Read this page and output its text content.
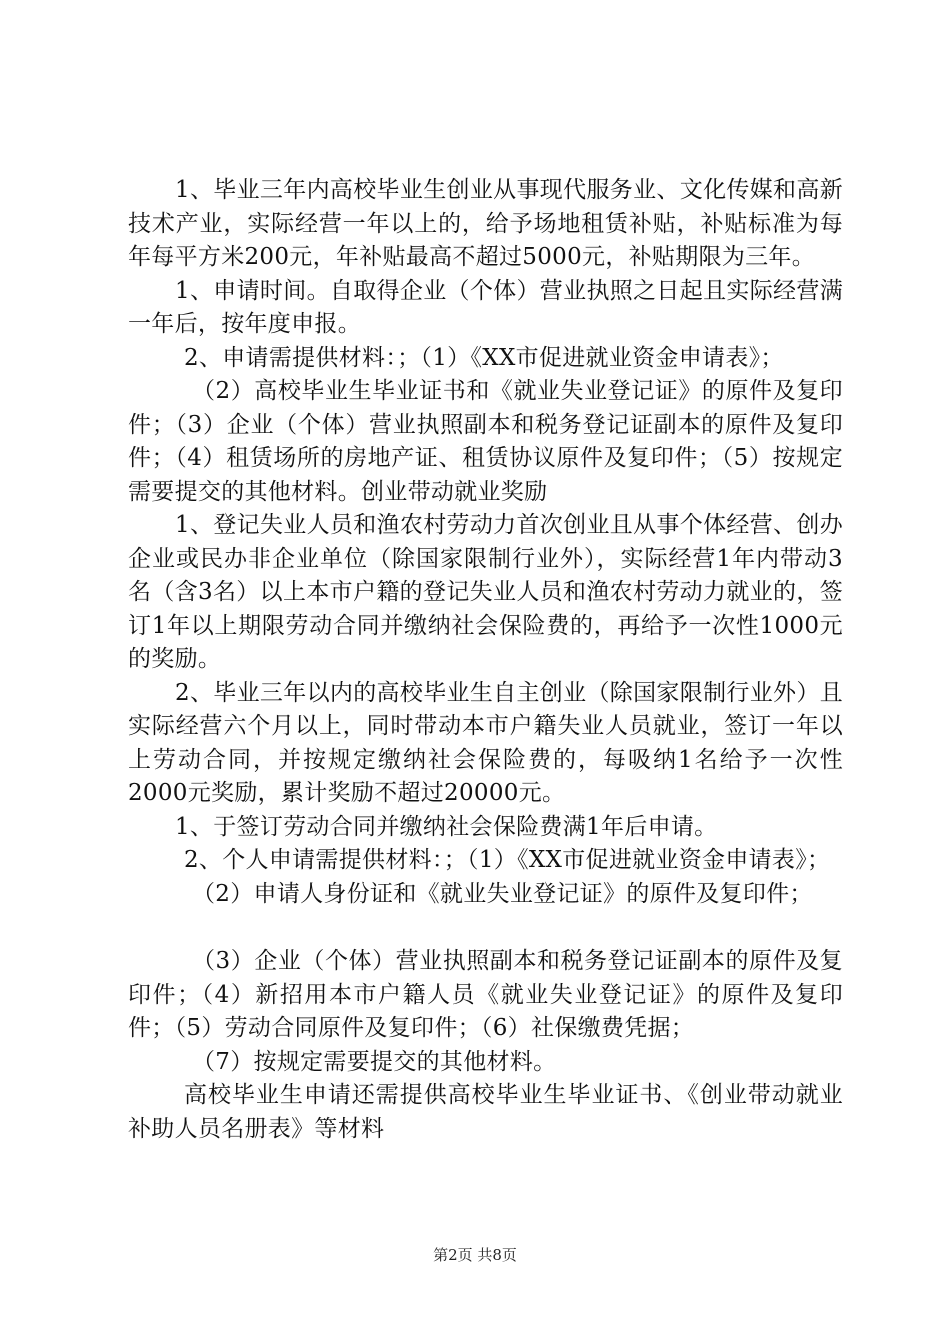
1、毕业三年内高校毕业生创业从事现代服务业、文化传媒和高新技术产业，实际经营一年以上的，给予场地租赁补贴，补贴标准为每年每平方米200元，年补贴最高不超过5000元，补贴期限为三年。

1、申请时间。自取得企业（个体）营业执照之日起且实际经营满一年后，按年度申报。

2、申请需提供材料：；（1）《XX市促进就业资金申请表》；

（2）高校毕业生毕业证书和《就业失业登记证》的原件及复印件；（3）企业（个体）营业执照副本和税务登记证副本的原件及复印件；（4）租赁场所的房地产证、租赁协议原件及复印件；（5）按规定需要提交的其他材料。创业带动就业奖励

1、登记失业人员和渔农村劳动力首次创业且从事个体经营、创办企业或民办非企业单位（除国家限制行业外），实际经营1年内带动3名（含3名）以上本市户籍的登记失业人员和渔农村劳动力就业的，签订1年以上期限劳动合同并缴纳社会保险费的，再给予一次性1000元的奖励。

2、毕业三年以内的高校毕业生自主创业（除国家限制行业外）且实际经营六个月以上，同时带动本市户籍失业人员就业，签订一年以上劳动合同，并按规定缴纳社会保险费的，每吸纳1名给予一次性2000元奖励，累计奖励不超过20000元。

1、于签订劳动合同并缴纳社会保险费满1年后申请。

2、个人申请需提供材料：；（1）《XX市促进就业资金申请表》；

（2）申请人身份证和《就业失业登记证》的原件及复印件；

（3）企业（个体）营业执照副本和税务登记证副本的原件及复印件；（4）新招用本市户籍人员《就业失业登记证》的原件及复印件；（5）劳动合同原件及复印件；（6）社保缴费凭据；

（7）按规定需要提交的其他材料。

高校毕业生申请还需提供高校毕业生毕业证书、《创业带动就业补助人员名册表》等材料

第2页 共8页
